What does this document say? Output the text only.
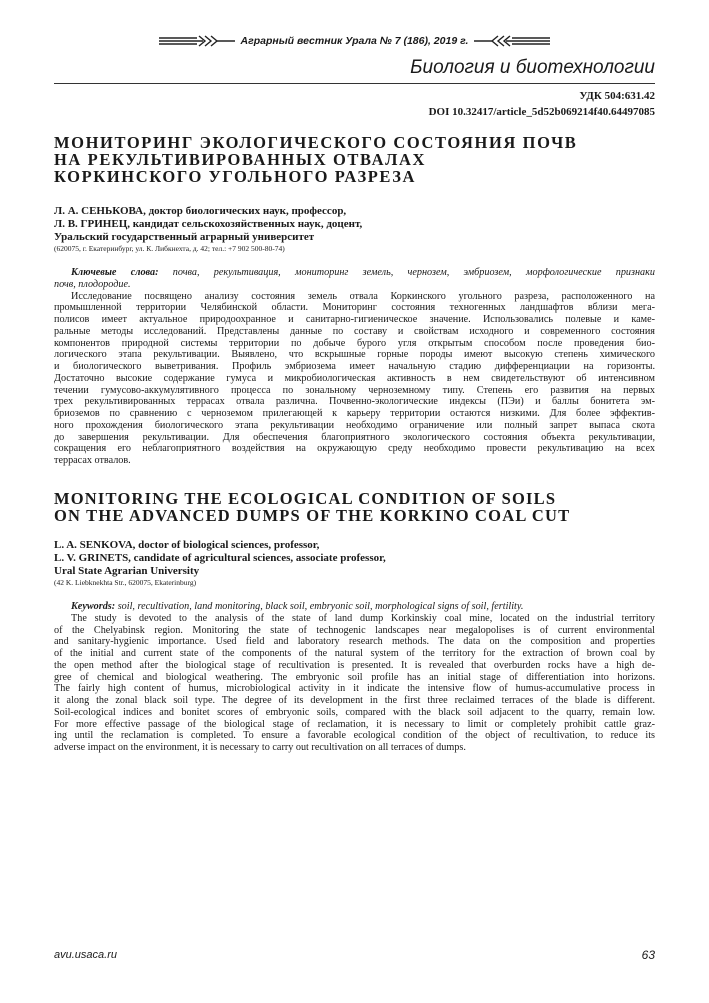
Аграрный вестник Урала № 7 (186), 2019 г.
Биология и биотехнологии
УДК 504:631.42
DOI 10.32417/article_5d52b069214f40.64497085
МОНИТОРИНГ ЭКОЛОГИЧЕСКОГО СОСТОЯНИЯ ПОЧВ
НА РЕКУЛЬТИВИРОВАННЫХ ОТВАЛАХ
КОРКИНСКОГО УГОЛЬНОГО РАЗРЕЗА
Л. А. СЕНЬКОВА, доктор биологических наук, профессор,
Л. В. ГРИНЕЦ, кандидат сельскохозяйственных наук, доцент,
Уральский государственный аграрный университет
(620075, г. Екатеринбург, ул. К. Либкнехта, д. 42; тел.: +7 902 500-80-74)
Ключевые слова: почва, рекультивация, мониторинг земель, чернозем, эмбриозем, морфологические признаки
почв, плодородие.
Исследование посвящено анализу состояния земель отвала Коркинского угольного разреза, расположенного на
промышленной территории Челябинской области. Мониторинг состояния техногенных ландшафтов вблизи мега-
полисов имеет актуальное природоохранное и санитарно-гигиеническое значение. Использовались полевые и каме-
ральные методы исследований. Представлены данные по составу и свойствам исходного и современного состояния
компонентов природной системы территории по добыче бурого угля открытым способом после проведения био-
логического этапа рекультивации. Выявлено, что вскрышные горные породы имеют высокую степень химического
и биологического выветривания. Профиль эмбриозема имеет начальную стадию дифференциации на горизонты.
Достаточно высокие содержание гумуса и микробиологическая активность в нем свидетельствуют об интенсивном
течении гумусово-аккумулятивного процесса по зональному черноземному типу. Степень его развития на первых
трех рекультивированных террасах отвала различна. Почвенно-экологические индексы (ПЭи) и баллы бонитета эм-
бриоземов по сравнению с черноземом прилегающей к карьеру территории остаются низкими. Для более эффектив-
ного прохождения биологического этапа рекультивации необходимо ограничение или полный запрет выпаса скота
до завершения рекультивации. Для обеспечения благоприятного экологического состояния объекта рекультивации,
сокращения его неблагоприятного воздействия на окружающую среду необходимо провести рекультивацию на всех
террасах отвалов.
MONITORING THE ECOLOGICAL CONDITION OF SOILS
ON THE ADVANCED DUMPS OF THE KORKINO COAL CUT
L. A. SENKOVA, doctor of biological sciences, professor,
L. V. GRINETS, candidate of agricultural sciences, associate professor,
Ural State Agrarian University
(42 K. Liebknekhta Str., 620075, Ekaterinburg)
Keywords: soil, recultivation, land monitoring, black soil, embryonic soil, morphological signs of soil, fertility.
The study is devoted to the analysis of the state of land dump Korkinskiy coal mine, located on the industrial territory
of the Chelyabinsk region. Monitoring the state of technogenic landscapes near megalopolises is of current environmental
and sanitary-hygienic importance. Used field and laboratory research methods. The data on the composition and properties
of the initial and current state of the components of the natural system of the territory for the extraction of brown coal by
the open method after the biological stage of recultivation is presented. It is revealed that overburden rocks have a high de-
gree of chemical and biological weathering. The embryonic soil profile has an initial stage of differentiation into horizons.
The fairly high content of humus, microbiological activity in it indicate the intensive flow of humus-accumulative process in
it along the zonal black soil type. The degree of its development in the first three reclaimed terraces of the blade is different.
Soil-ecological indices and bonitet scores of embryonic soils, compared with the black soil adjacent to the quarry, remain low.
For more effective passage of the biological stage of reclamation, it is necessary to limit or completely prohibit cattle graz-
ing until the reclamation is completed. To ensure a favorable ecological condition of the object of recultivation, to reduce its
adverse impact on the environment, it is necessary to carry out recultivation on all terraces of dumps.
avu.usaca.ru	63
